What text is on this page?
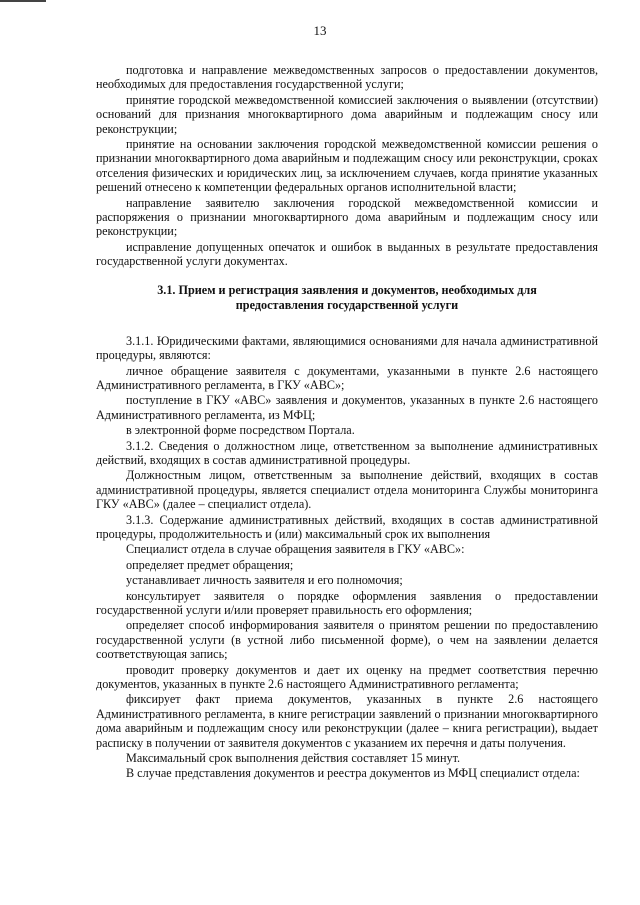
13

подготовка и направление межведомственных запросов о предоставлении документов, необходимых для предоставления государственной услуги;

принятие городской межведомственной комиссией заключения о выявлении (отсутствии) оснований для признания многоквартирного дома аварийным и подлежащим сносу или реконструкции;

принятие на основании заключения городской межведомственной комиссии решения о признании многоквартирного дома аварийным и подлежащим сносу или реконструкции, сроках отселения физических и юридических лиц, за исключением случаев, когда принятие указанных решений отнесено к компетенции федеральных органов исполнительной власти;

направление заявителю заключения городской межведомственной комиссии и распоряжения о признании многоквартирного дома аварийным и подлежащим сносу или реконструкции;

исправление допущенных опечаток и ошибок в выданных в результате предоставления государственной услуги документах.

3.1. Прием и регистрация заявления и документов, необходимых для предоставления государственной услуги

3.1.1. Юридическими фактами, являющимися основаниями для начала административной процедуры, являются:

личное обращение заявителя с документами, указанными в пункте 2.6 настоящего Административного регламента, в ГКУ «АВС»;

поступление в ГКУ «АВС» заявления и документов, указанных в пункте 2.6 настоящего Административного регламента, из МФЦ;

в электронной форме посредством Портала.

3.1.2. Сведения о должностном лице, ответственном за выполнение административных действий, входящих в состав административной процедуры.

Должностным лицом, ответственным за выполнение действий, входящих в состав административной процедуры, является специалист отдела мониторинга Службы мониторинга ГКУ «АВС» (далее – специалист отдела).

3.1.3. Содержание административных действий, входящих в состав административной процедуры, продолжительность и (или) максимальный срок их выполнения

Специалист отдела в случае обращения заявителя в ГКУ «АВС»:

определяет предмет обращения;

устанавливает личность заявителя и его полномочия;

консультирует заявителя о порядке оформления заявления о предоставлении государственной услуги и/или проверяет правильность его оформления;

определяет способ информирования заявителя о принятом решении по предоставлению государственной услуги (в устной либо письменной форме), о чем на заявлении делается соответствующая запись;

проводит проверку документов и дает их оценку на предмет соответствия перечню документов, указанных в пункте 2.6 настоящего Административного регламента;

фиксирует факт приема документов, указанных в пункте 2.6 настоящего Административного регламента, в книге регистрации заявлений о признании многоквартирного дома аварийным и подлежащим сносу или реконструкции (далее – книга регистрации), выдает расписку в получении от заявителя документов с указанием их перечня и даты получения.

Максимальный срок выполнения действия составляет 15 минут.

В случае представления документов и реестра документов из МФЦ специалист отдела:
